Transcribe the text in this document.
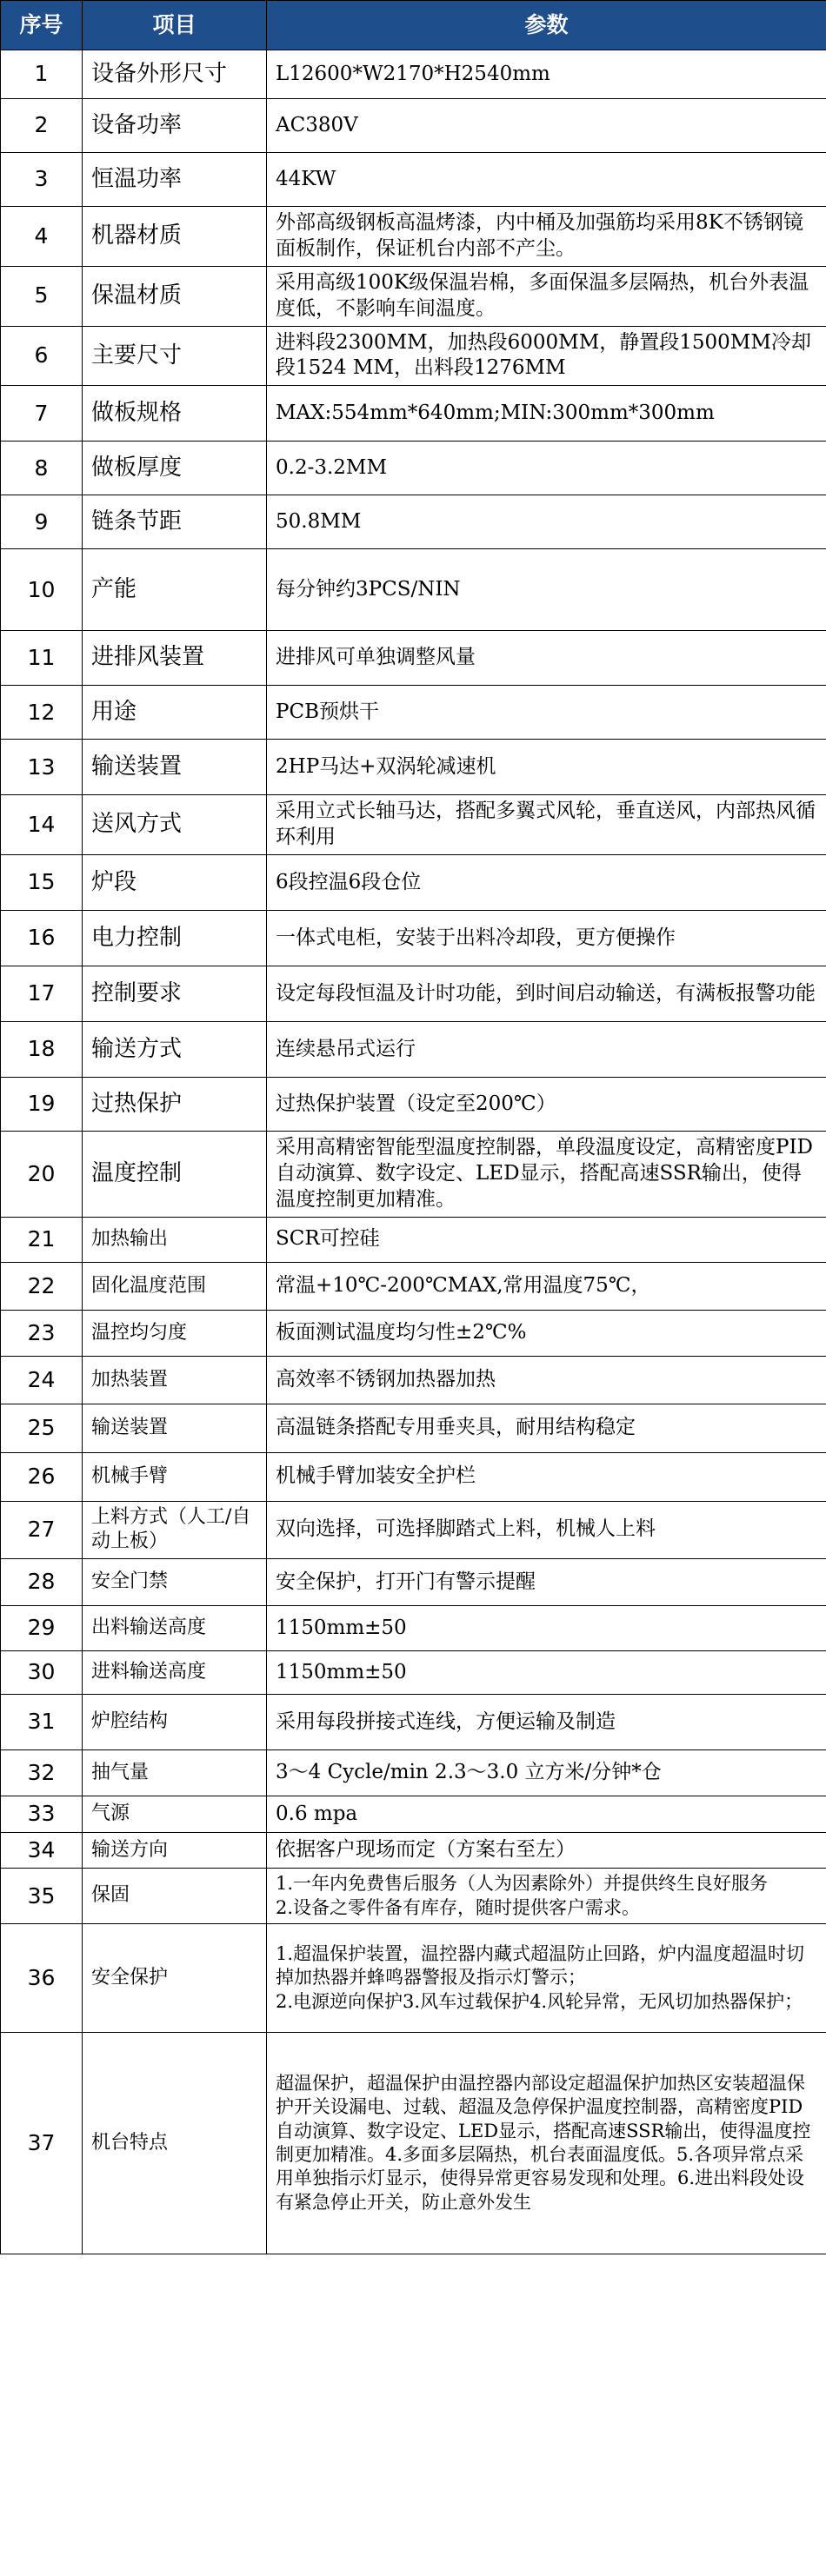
序号	项目	参数
1	设备外形尺寸	L12600*W2170*H2540mm

2	设备功率	AC380V

3	恒温功率	44KW

4	机器材质	外部高级钢板高温烤漆，内中桶及加强筋均采用8K不锈钢镜面板制作，保证机台内部不产尘。

5	保温材质	采用高级100K级保温岩棉，多面保温多层隔热，机台外表温度低，不影响车间温度。

6	主要尺寸	进料段2300MM，加热段6000MM，静置段1500MM冷却段1524 MM，出料段1276MM

7	做板规格	MAX:554mm*640mm;MIN:300mm*300mm

8	做板厚度	0.2-3.2MM

9	链条节距	50.8MM

10	产能	每分钟约3PCS/NIN

11	进排风装置	进排风可单独调整风量

12	用途	PCB预烘干

13	输送装置	2HP马达+双涡轮减速机

14	送风方式	采用立式长轴马达，搭配多翼式风轮，垂直送风，内部热风循环利用

15	炉段	6段控温6段仓位

16	电力控制	一体式电柜，安装于出料冷却段，更方便操作

17	控制要求	设定每段恒温及计时功能，到时间启动输送，有满板报警功能

18	输送方式	连续悬吊式运行

19	过热保护	过热保护装置（设定至200℃）

20	温度控制	采用高精密智能型温度控制器，单段温度设定，高精密度PID自动演算、数字设定、LED显示，搭配高速SSR输出，使得温度控制更加精准。

21	加热输出	SCR可控硅

22	固化温度范围	常温+10℃-200℃MAX,常用温度75℃，

23	温控均匀度	板面测试温度均匀性±2℃%

24	加热装置	高效率不锈钢加热器加热

25	输送装置	高温链条搭配专用垂夹具，耐用结构稳定

26	机械手臂	机械手臂加装安全护栏

27	上料方式（人工/自动上板）	双向选择，可选择脚踏式上料，机械人上料

28	安全门禁	安全保护，打开门有警示提醒

29	出料输送高度	1150mm±50

30	进料输送高度	1150mm±50

31	炉腔结构	采用每段拼接式连线，方便运输及制造

32	抽气量	3～4 Cycle/min 2.3～3.0 立方米/分钟*仓

33	气源	0.6 mpa

34	输送方向	依据客户现场而定（方案右至左）

35	保固	1.一年内免费售后服务（人为因素除外）并提供终生良好服务
2.设备之零件备有库存，随时提供客户需求。

36	安全保护	1.超温保护装置，温控器内藏式超温防止回路，炉内温度超温时切掉加热器并蜂鸣器警报及指示灯警示；
2.电源逆向保护3.风车过载保护4.风轮异常，无风切加热器保护；

37	机台特点	超温保护，超温保护由温控器内部设定超温保护加热区安装超温保护开关设漏电、过载、超温及急停保护温度控制器，高精密度PID自动演算、数字设定、LED显示，搭配高速SSR输出，使得温度控制更加精准。4.多面多层隔热，机台表面温度低。5.各项异常点采用单独指示灯显示，使得异常更容易发现和处理。6.进出料段处设有紧急停止开关，防止意外发生
